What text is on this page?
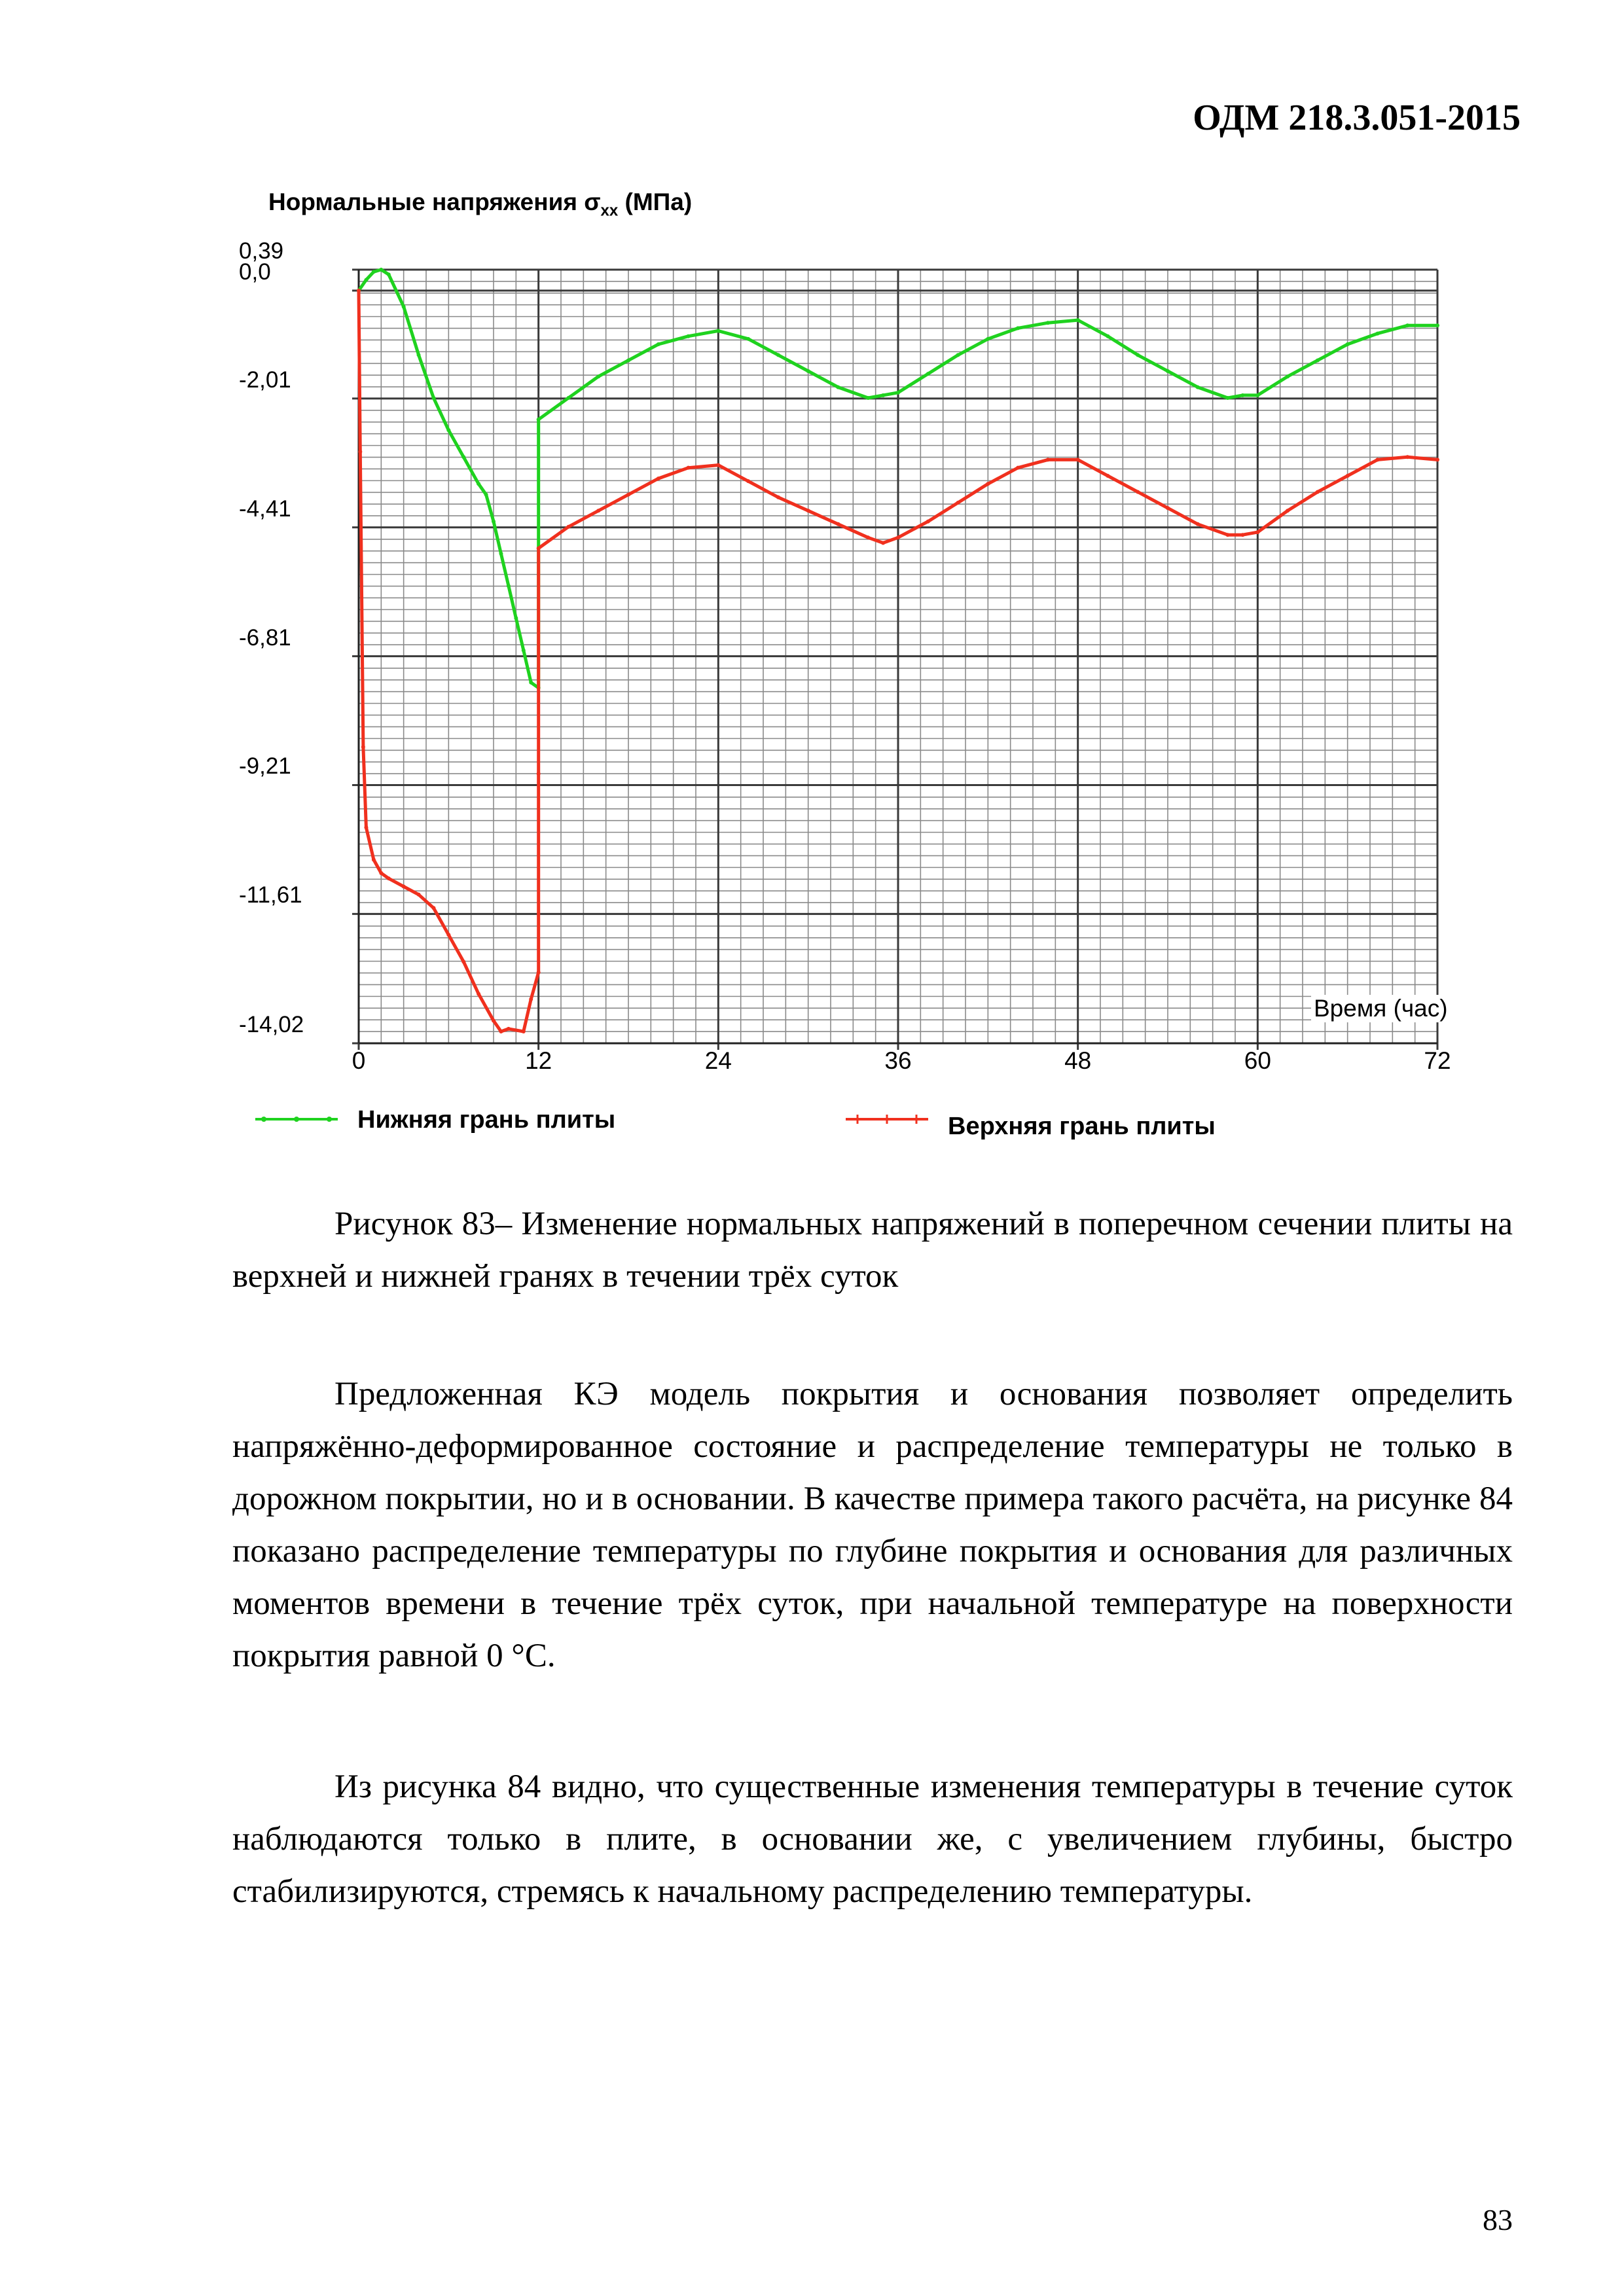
ОДМ 218.3.051-2015
Нормальные напряжения $\sigma_{xx}$ (МПа)
0,39
0,0
-2,01
-4,41
-6,81
-9,21
-11,61
-14,02
0	12	24	36	48	60	72
Время (час)
Нижняя грань плиты	Верхняя грань плиты
Рисунок 83– Изменение нормальных напряжений в поперечном сечении плиты на верхней и нижней гранях в течении трёх суток
Предложенная КЭ модель покрытия и основания позволяет определить напряжённо-деформированное состояние и распределение температуры не только в дорожном покрытии, но и в основании. В качестве примера такого расчёта, на рисунке 84 показано распределение температуры по глубине покрытия и основания для различных моментов времени в течение трёх суток, при начальной температуре на поверхности покрытия равной 0 °С.
Из рисунка 84 видно, что существенные изменения температуры в течение суток наблюдаются только в плите, в основании же, с увеличением глубины, быстро стабилизируются, стремясь к начальному распределению температуры.
83
